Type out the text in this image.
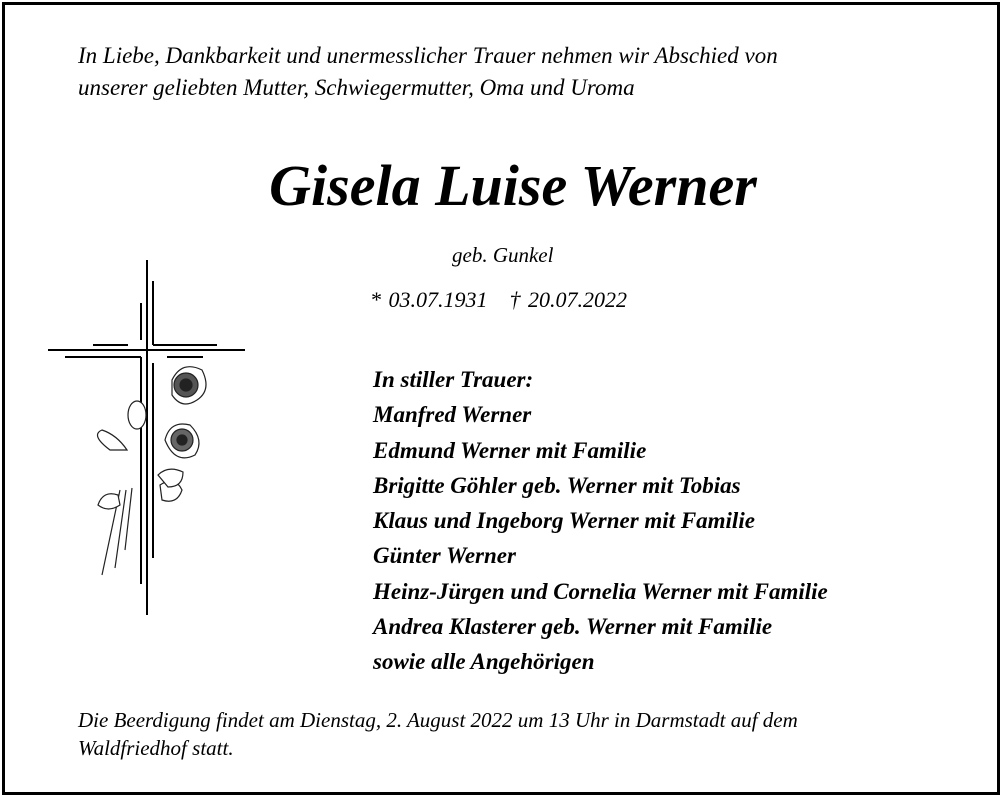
In Liebe, Dankbarkeit und unermesslicher Trauer nehmen wir Abschied von
unserer geliebten Mutter, Schwiegermutter, Oma und Uroma
Gisela Luise Werner
geb. Gunkel
* 03.07.1931 † 20.07.2022
In stiller Trauer:
Manfred Werner
Edmund Werner mit Familie
Brigitte Göhler geb. Werner mit Tobias
Klaus und Ingeborg Werner mit Familie
Günter Werner
Heinz-Jürgen und Cornelia Werner mit Familie
Andrea Klasterer geb. Werner mit Familie
sowie alle Angehörigen
Die Beerdigung findet am Dienstag, 2. August 2022 um 13 Uhr in Darmstadt auf dem
Waldfriedhof statt.
